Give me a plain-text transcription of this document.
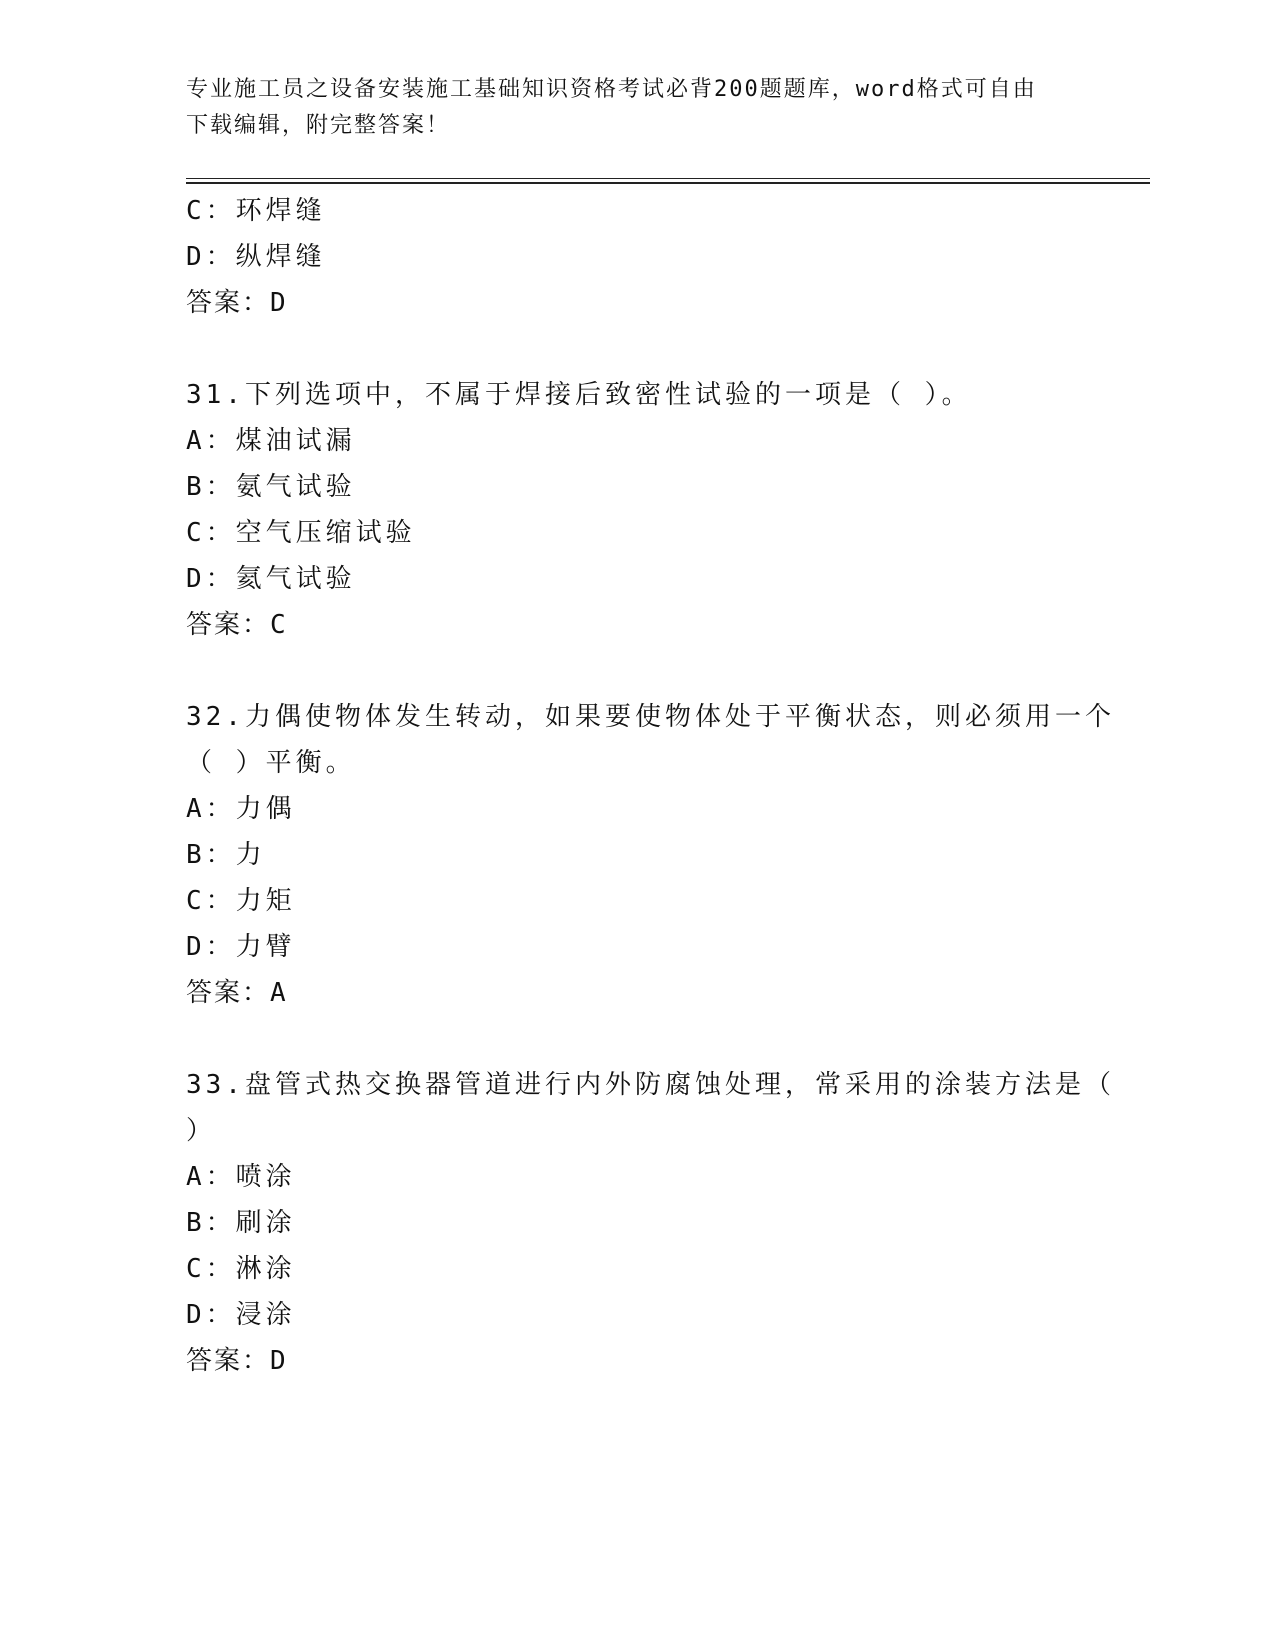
专业施工员之设备安装施工基础知识资格考试必背200题题库，word格式可自由
下载编辑，附完整答案！
C：环焊缝
D：纵焊缝
答案：D
31.下列选项中，不属于焊接后致密性试验的一项是（ ）。
A：煤油试漏
B：氨气试验
C：空气压缩试验
D：氦气试验
答案：C
32.力偶使物体发生转动，如果要使物体处于平衡状态，则必须用一个
（ ）平衡。
A：力偶
B：力
C：力矩
D：力臂
答案：A
33.盘管式热交换器管道进行内外防腐蚀处理，常采用的涂装方法是（
）
A：喷涂
B：刷涂
C：淋涂
D：浸涂
答案：D
